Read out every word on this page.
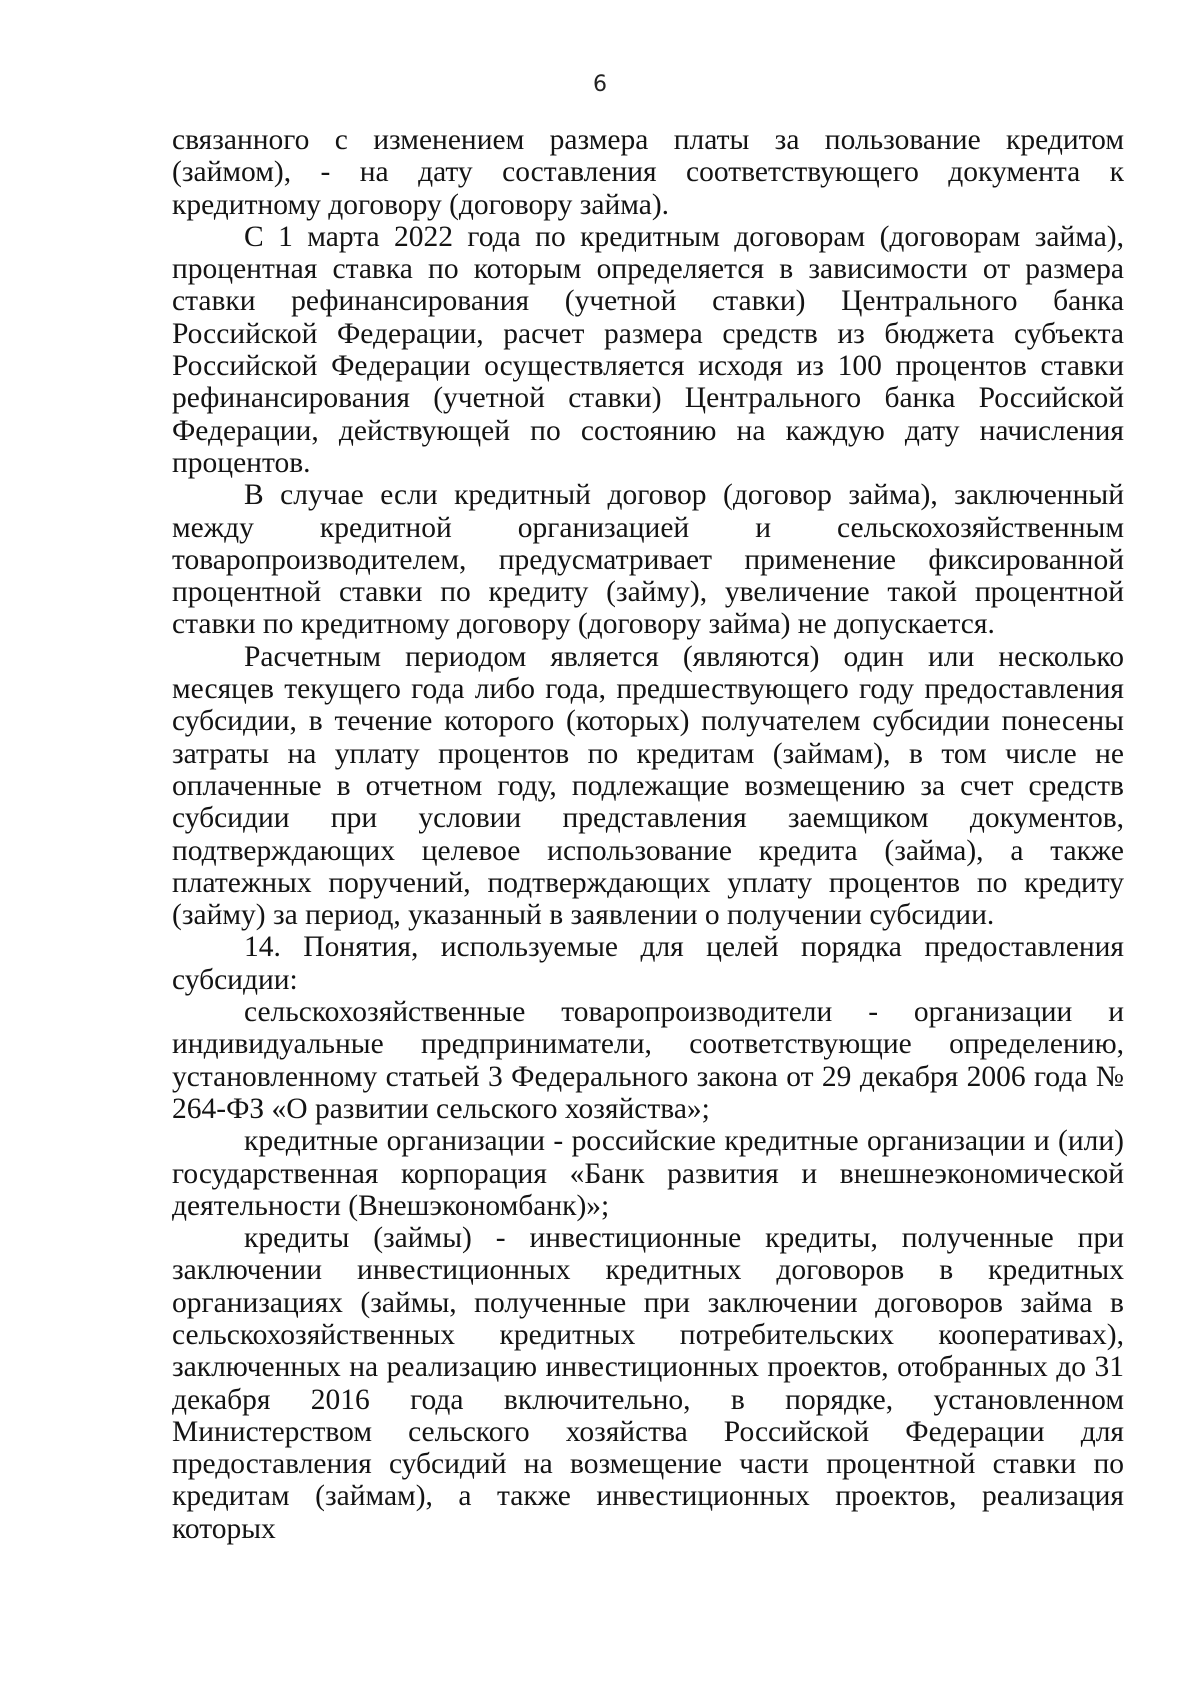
6

связанного с изменением размера платы за пользование кредитом (займом), - на дату составления соответствующего документа к кредитному договору (договору займа).

С 1 марта 2022 года по кредитным договорам (договорам займа), процентная ставка по которым определяется в зависимости от размера ставки рефинансирования (учетной ставки) Центрального банка Российской Федерации, расчет размера средств из бюджета субъекта Российской Федерации осуществляется исходя из 100 процентов ставки рефинансирования (учетной ставки) Центрального банка Российской Федерации, действующей по состоянию на каждую дату начисления процентов.

В случае если кредитный договор (договор займа), заключенный между кредитной организацией и сельскохозяйственным товаропроизводителем, предусматривает применение фиксированной процентной ставки по кредиту (займу), увеличение такой процентной ставки по кредитному договору (договору займа) не допускается.

Расчетным периодом является (являются) один или несколько месяцев текущего года либо года, предшествующего году предоставления субсидии, в течение которого (которых) получателем субсидии понесены затраты на уплату процентов по кредитам (займам), в том числе не оплаченные в отчетном году, подлежащие возмещению за счет средств субсидии при условии представления заемщиком документов, подтверждающих целевое использование кредита (займа), а также платежных поручений, подтверждающих уплату процентов по кредиту (займу) за период, указанный в заявлении о получении субсидии.

14. Понятия, используемые для целей порядка предоставления субсидии:

сельскохозяйственные товаропроизводители - организации и индивидуальные предприниматели, соответствующие определению, установленному статьей 3 Федерального закона от 29 декабря 2006 года № 264-ФЗ «О развитии сельского хозяйства»;

кредитные организации - российские кредитные организации и (или) государственная корпорация «Банк развития и внешнеэкономической деятельности (Внешэкономбанк)»;

кредиты (займы) - инвестиционные кредиты, полученные при заключении инвестиционных кредитных договоров в кредитных организациях (займы, полученные при заключении договоров займа в сельскохозяйственных кредитных потребительских кооперативах), заключенных на реализацию инвестиционных проектов, отобранных до 31 декабря 2016 года включительно, в порядке, установленном Министерством сельского хозяйства Российской Федерации для предоставления субсидий на возмещение части процентной ставки по кредитам (займам), а также инвестиционных проектов, реализация которых
